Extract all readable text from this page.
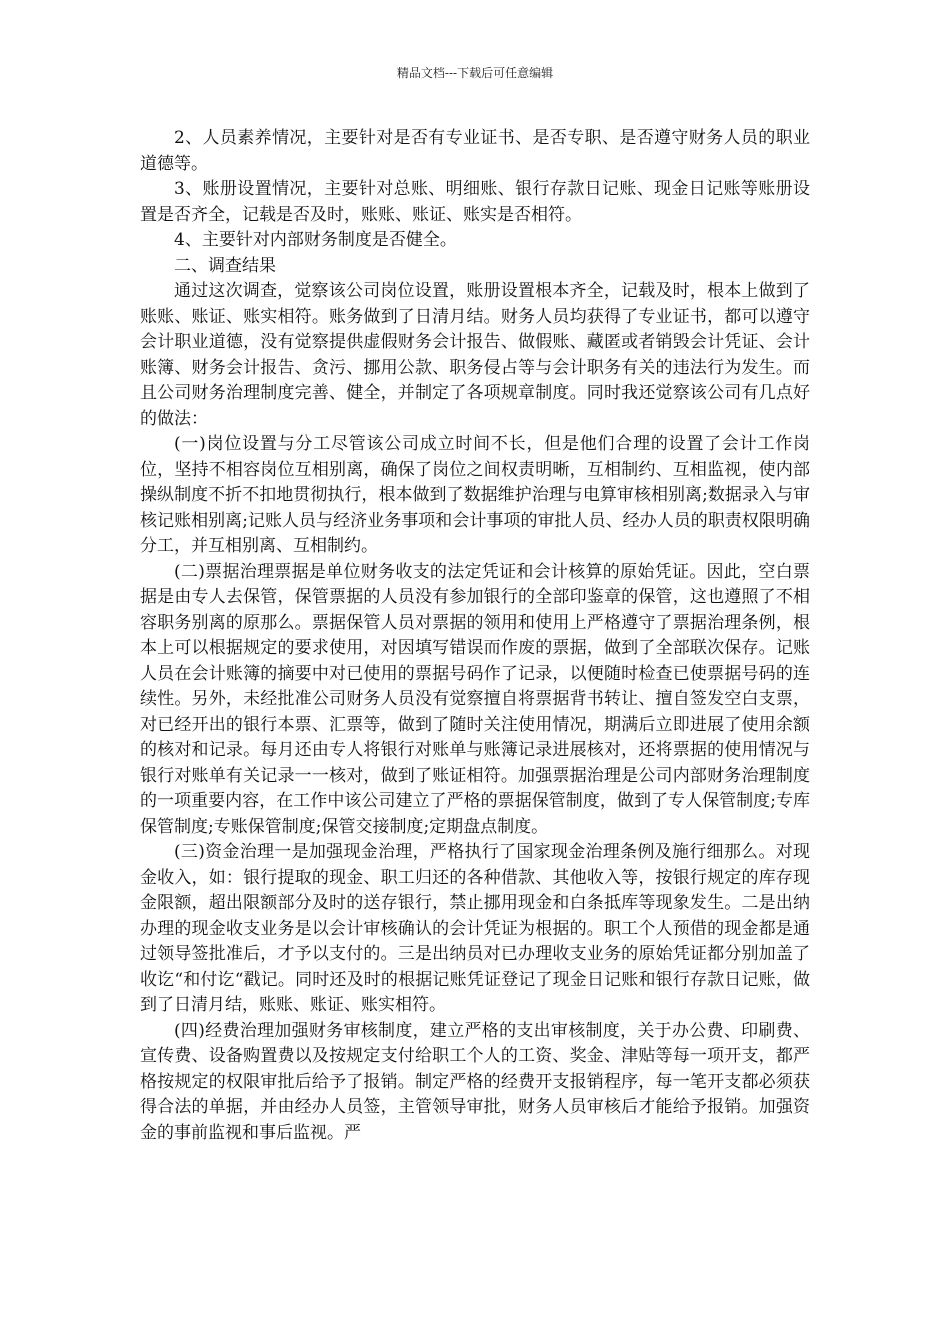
精品文档---下载后可任意编辑

2、人员素养情况，主要针对是否有专业证书、是否专职、是否遵守财务人员的职业道德等。

3、账册设置情况，主要针对总账、明细账、银行存款日记账、现金日记账等账册设置是否齐全，记载是否及时，账账、账证、账实是否相符。

4、主要针对内部财务制度是否健全。

二、调查结果

通过这次调查，觉察该公司岗位设置，账册设置根本齐全，记载及时，根本上做到了账账、账证、账实相符。账务做到了日清月结。财务人员均获得了专业证书，都可以遵守会计职业道德，没有觉察提供虚假财务会计报告、做假账、藏匿或者销毁会计凭证、会计账簿、财务会计报告、贪污、挪用公款、职务侵占等与会计职务有关的违法行为发生。而且公司财务治理制度完善、健全，并制定了各项规章制度。同时我还觉察该公司有几点好的做法：

(一)岗位设置与分工尽管该公司成立时间不长，但是他们合理的设置了会计工作岗位，坚持不相容岗位互相别离，确保了岗位之间权责明晰，互相制约、互相监视，使内部操纵制度不折不扣地贯彻执行，根本做到了数据维护治理与电算审核相别离;数据录入与审核记账相别离;记账人员与经济业务事项和会计事项的审批人员、经办人员的职责权限明确分工，并互相别离、互相制约。

(二)票据治理票据是单位财务收支的法定凭证和会计核算的原始凭证。因此，空白票据是由专人去保管，保管票据的人员没有参加银行的全部印鉴章的保管，这也遵照了不相容职务别离的原那么。票据保管人员对票据的领用和使用上严格遵守了票据治理条例，根本上可以根据规定的要求使用，对因填写错误而作废的票据，做到了全部联次保存。记账人员在会计账簿的摘要中对已使用的票据号码作了记录，以便随时检查已使票据号码的连续性。另外，未经批准公司财务人员没有觉察擅自将票据背书转让、擅自签发空白支票，对已经开出的银行本票、汇票等，做到了随时关注使用情况，期满后立即进展了使用余额的核对和记录。每月还由专人将银行对账单与账簿记录进展核对，还将票据的使用情况与银行对账单有关记录一一核对，做到了账证相符。加强票据治理是公司内部财务治理制度的一项重要内容，在工作中该公司建立了严格的票据保管制度，做到了专人保管制度;专库保管制度;专账保管制度;保管交接制度;定期盘点制度。

(三)资金治理一是加强现金治理，严格执行了国家现金治理条例及施行细那么。对现金收入，如：银行提取的现金、职工归还的各种借款、其他收入等，按银行规定的库存现金限额，超出限额部分及时的送存银行，禁止挪用现金和白条抵库等现象发生。二是出纳办理的现金收支业务是以会计审核确认的会计凭证为根据的。职工个人预借的现金都是通过领导签批准后，才予以支付的。三是出纳员对已办理收支业务的原始凭证都分别加盖了收讫“和付讫“戳记。同时还及时的根据记账凭证登记了现金日记账和银行存款日记账，做到了日清月结，账账、账证、账实相符。

(四)经费治理加强财务审核制度，建立严格的支出审核制度，关于办公费、印刷费、宣传费、设备购置费以及按规定支付给职工个人的工资、奖金、津贴等每一项开支，都严格按规定的权限审批后给予了报销。制定严格的经费开支报销程序，每一笔开支都必须获得合法的单据，并由经办人员签，主管领导审批，财务人员审核后才能给予报销。加强资金的事前监视和事后监视。严
